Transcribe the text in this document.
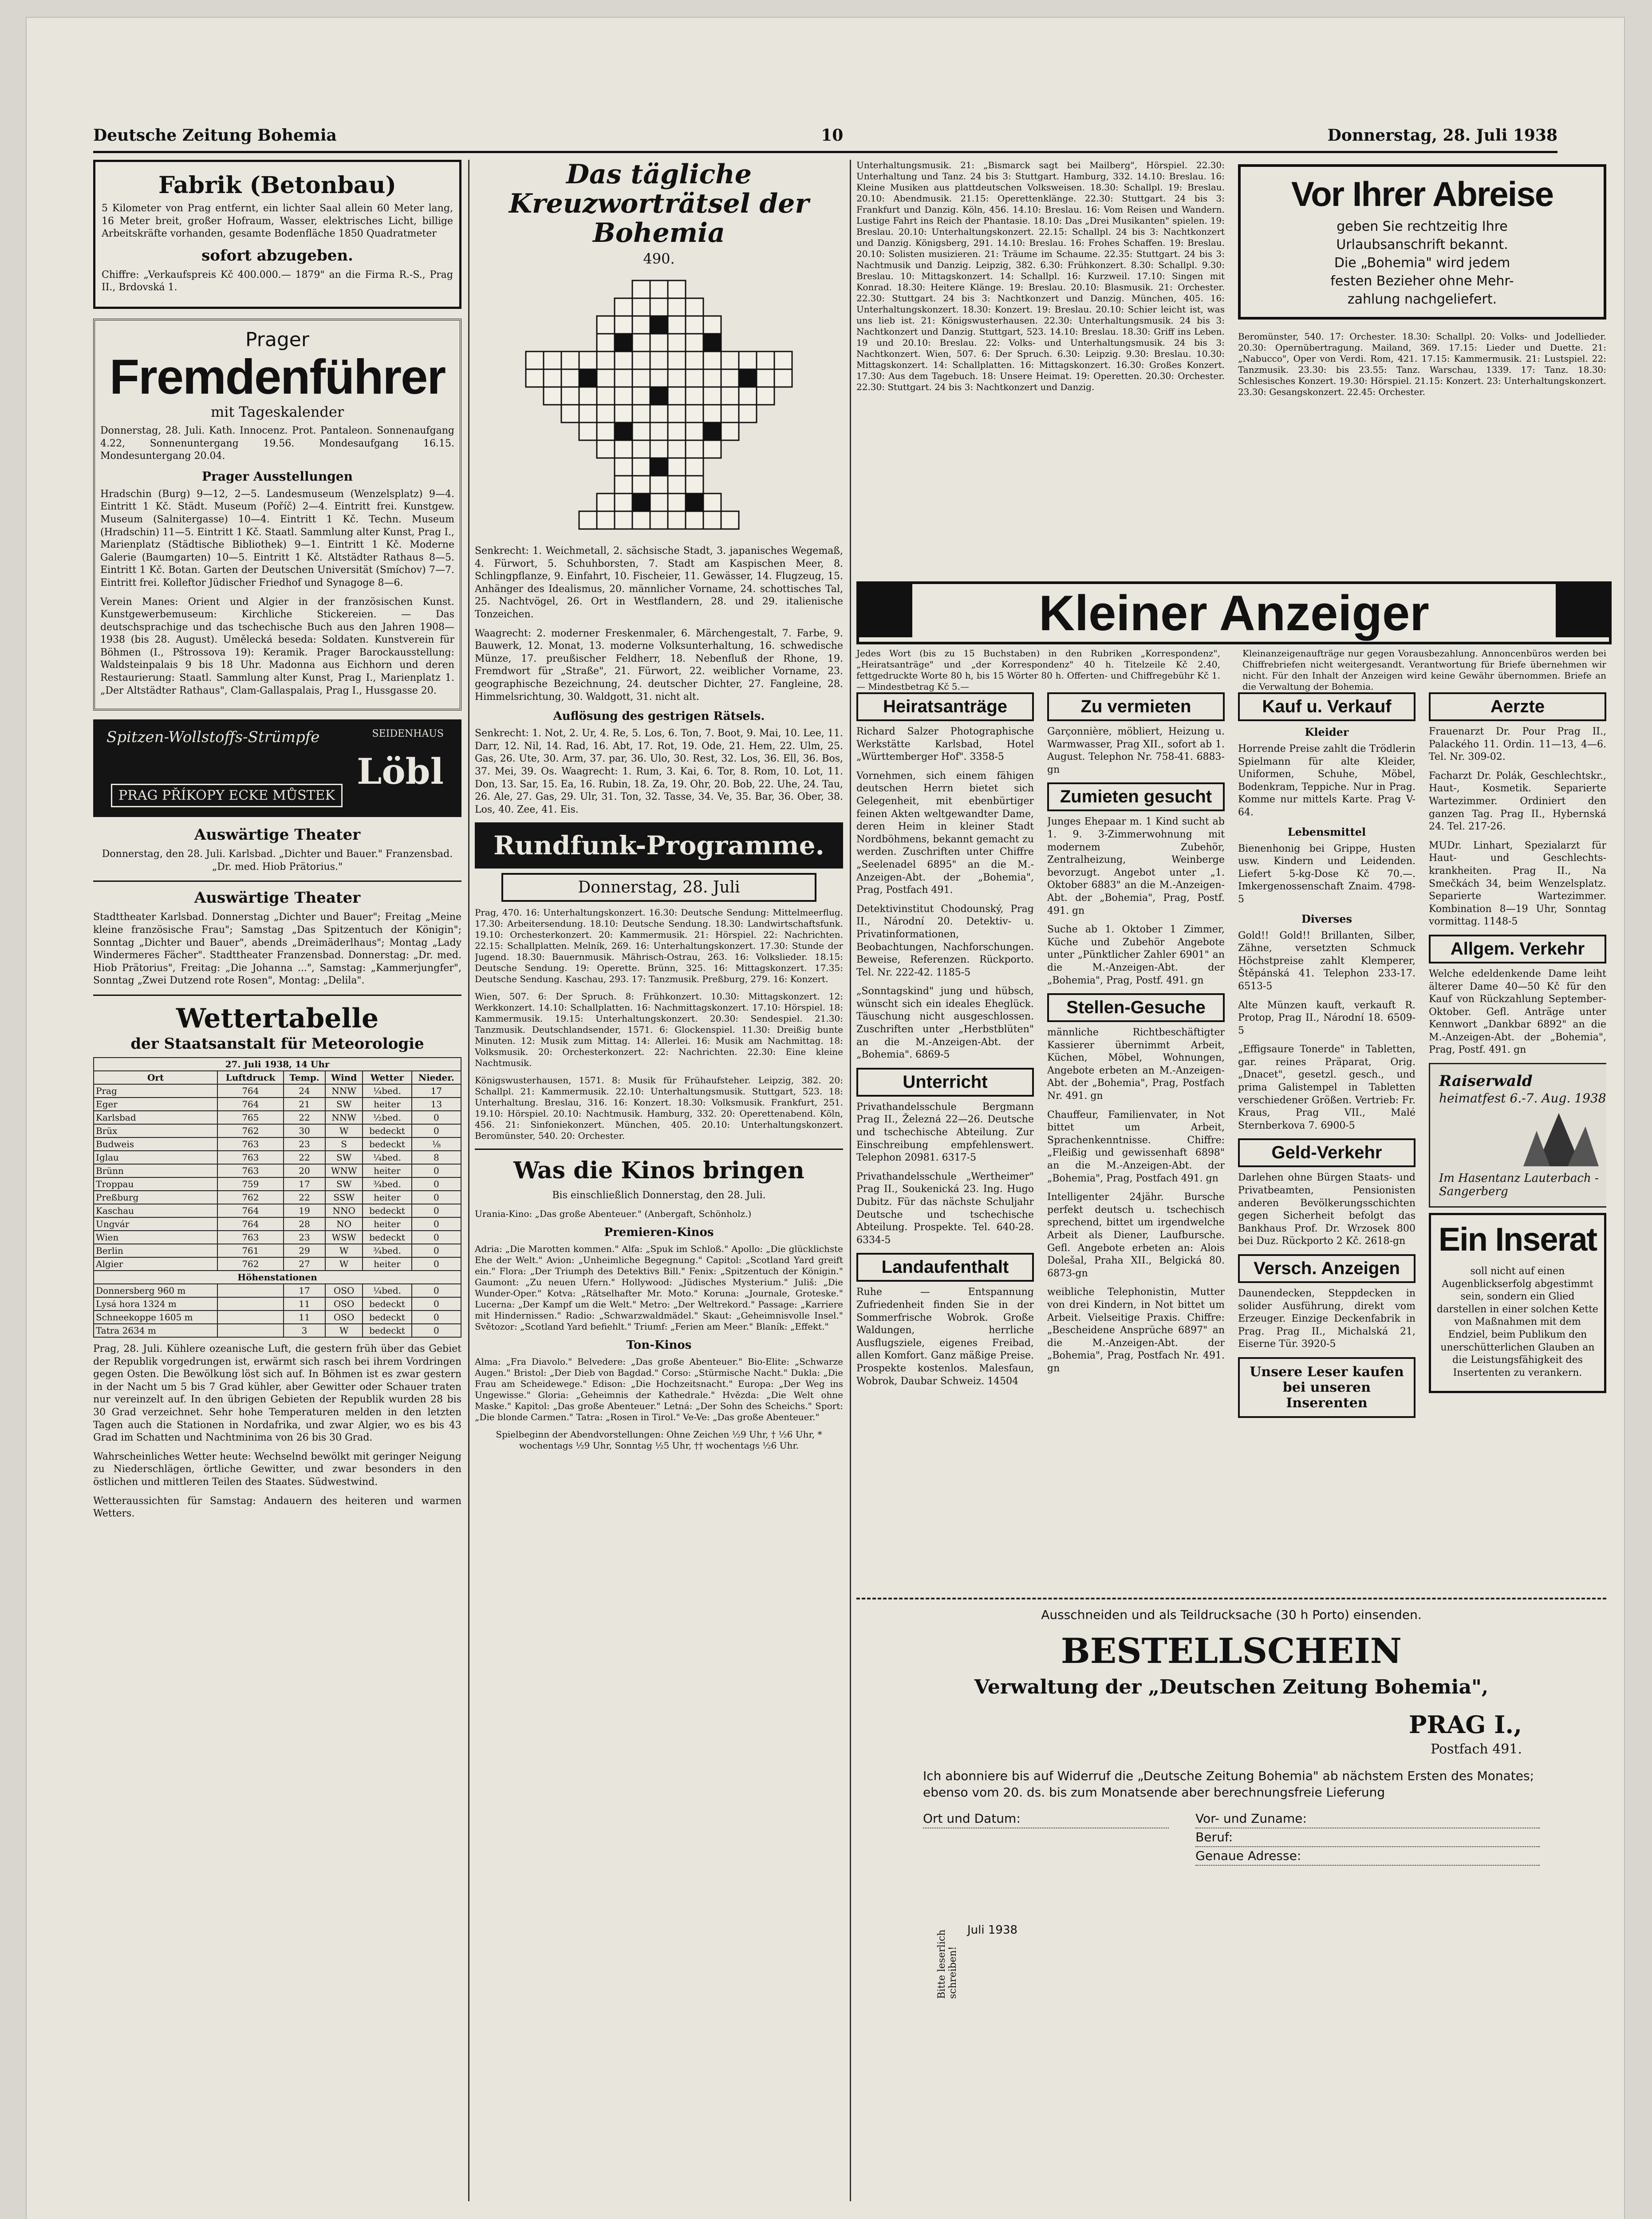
Deutsche Zeitung Bohemia	10	Donnerstag, 28. Juli 1938
Fabrik (Betonbau)

5 Kilometer von Prag entfernt, ein lichter Saal allein 60 Meter lang, 16 Meter breit, großer Hofraum, Wasser, elektrisches Licht, billige Arbeitskräfte vorhanden, gesamte Bodenfläche 1850 Quadratmeter

sofort abzugeben.

Chiffre: „Verkaufspreis Kč 400.000.— 1879" an die Firma R.-S., Prag II., Brdovská 1.

Prager
Fremdenführer
mit Tageskalender

Donnerstag, 28. Juli. Kath. Innocenz. Prot. Pantaleon. Sonnenaufgang 4.22, Sonnenuntergang 19.56. Mondesaufgang 16.15. Mondesuntergang 20.04.

Prager Ausstellungen

Hradschin (Burg) 9—12, 2—5. Landesmuseum (Wenzelsplatz) 9—4. Eintritt 1 Kč. Städt. Museum (Poříč) 2—4. Eintritt frei. Kunstgew. Museum (Salnitergasse) 10—4. Eintritt 1 Kč. Techn. Museum (Hradschin) 11—5. Eintritt 1 Kč. Staatl. Sammlung alter Kunst, Prag I., Marienplatz (Städtische Bibliothek) 9—1. Eintritt 1 Kč. Moderne Galerie (Baumgarten) 10—5. Eintritt 1 Kč. Altstädter Rathaus 8—5. Eintritt 1 Kč. Botan. Garten der Deutschen Universität (Smíchov) 7—7. Eintritt frei. Kolleftor Jüdischer Friedhof und Synagoge 8—6.

Verein Manes: Orient und Algier in der französischen Kunst. Kunstgewerbemuseum: Kirchliche Stickereien. — Das deutschsprachige und das tschechische Buch aus den Jahren 1908—1938 (bis 28. August). Umělecká beseda: Soldaten. Kunstverein für Böhmen (I., Pštrossova 19): Keramik. Prager Barockausstellung: Waldsteinpalais 9 bis 18 Uhr. Madonna aus Eichhorn und deren Restaurierung: Staatl. Sammlung alter Kunst, Prag I., Marienplatz 1. „Der Altstädter Rathaus", Clam-Gallaspalais, Prag I., Hussgasse 20.

Spitzen-Wollstoffs-Strümpfe	SEIDENHAUS
Löbl
PRAG PŘÍKOPY ECKE MŮSTEK
Auswärtige Theater

Donnerstag, den 28. Juli. Karlsbad. „Dichter und Bauer." Franzensbad. „Dr. med. Hiob Prätorius."

Auswärtige Theater

Stadttheater Karlsbad. Donnerstag „Dichter und Bauer"; Freitag „Meine kleine französische Frau"; Samstag „Das Spitzentuch der Königin"; Sonntag „Dichter und Bauer", abends „Dreimäderlhaus"; Montag „Lady Windermeres Fächer". Stadttheater Franzensbad. Donnerstag: „Dr. med. Hiob Prätorius", Freitag: „Die Johanna ...", Samstag: „Kammerjungfer", Sonntag „Zwei Dutzend rote Rosen", Montag: „Delila".

Wettertabelle
der Staatsanstalt für Meteorologie
27. Juli 1938, 14 Uhr					
Ort	Luftdruck	Temp.	Wind	Wetter	Nieder.
Prag	764	24	NNW	¼bed.	17
Eger	764	21	SW	heiter	13
Karlsbad	765	22	NNW	½bed.	0
Brüx	762	30	W	bedeckt	0
Budweis	763	23	S	bedeckt	⅛
Iglau	763	22	SW	¼bed.	8
Brünn	763	20	WNW	heiter	0
Troppau	759	17	SW	¾bed.	0
Preßburg	762	22	SSW	heiter	0
Kaschau	764	19	NNO	bedeckt	0
Ungvár	764	28	NO	heiter	0
Wien	763	23	WSW	bedeckt	0
Berlin	761	29	W	¾bed.	0
Algier	762	27	W	heiter	0
Höhenstationen					
Donnersberg 960 m		17	OSO	¼bed.	0
Lysá hora 1324 m		11	OSO	bedeckt	0
Schneekoppe 1605 m		11	OSO	bedeckt	0
Tatra 2634 m		3	W	bedeckt	0

Prag, 28. Juli. Kühlere ozeanische Luft, die gestern früh über das Gebiet der Republik vorgedrungen ist, erwärmt sich rasch bei ihrem Vordringen gegen Osten. Die Bewölkung löst sich auf. In Böhmen ist es zwar gestern in der Nacht um 5 bis 7 Grad kühler, aber Gewitter oder Schauer traten nur vereinzelt auf. In den übrigen Gebieten der Republik wurden 28 bis 30 Grad verzeichnet. Sehr hohe Temperaturen melden in den letzten Tagen auch die Stationen in Nordafrika, und zwar Algier, wo es bis 43 Grad im Schatten und Nachtminima von 26 bis 30 Grad.

Wahrscheinliches Wetter heute: Wechselnd bewölkt mit geringer Neigung zu Niederschlägen, örtliche Gewitter, und zwar besonders in den östlichen und mittleren Teilen des Staates. Südwestwind.

Wetteraussichten für Samstag: Andauern des heiteren und warmen Wetters.

Das tägliche Kreuzworträtsel der Bohemia
490.

Senkrecht: 1. Weichmetall, 2. sächsische Stadt, 3. japanisches Wegemaß, 4. Fürwort, 5. Schuhborsten, 7. Stadt am Kaspischen Meer, 8. Schlingpflanze, 9. Einfahrt, 10. Fischeier, 11. Gewässer, 14. Flugzeug, 15. Anhänger des Idealismus, 20. männlicher Vorname, 24. schottisches Tal, 25. Nachtvögel, 26. Ort in Westflandern, 28. und 29. italienische Tonzeichen.

Waagrecht: 2. moderner Freskenmaler, 6. Märchengestalt, 7. Farbe, 9. Bauwerk, 12. Monat, 13. moderne Volksunterhaltung, 16. schwedische Münze, 17. preußischer Feldherr, 18. Nebenfluß der Rhone, 19. Fremdwort für „Straße", 21. Fürwort, 22. weiblicher Vorname, 23. geographische Bezeichnung, 24. deutscher Dichter, 27. Fangleine, 28. Himmelsrichtung, 30. Waldgott, 31. nicht alt.

Auflösung des gestrigen Rätsels.

Senkrecht: 1. Not, 2. Ur, 4. Re, 5. Los, 6. Ton, 7. Boot, 9. Mai, 10. Lee, 11. Darr, 12. Nil, 14. Rad, 16. Abt, 17. Rot, 19. Ode, 21. Hem, 22. Ulm, 25. Gas, 26. Ute, 30. Arm, 37. par, 36. Ulo, 30. Rest, 32. Los, 36. Ell, 36. Bos, 37. Mei, 39. Os. Waagrecht: 1. Rum, 3. Kai, 6. Tor, 8. Rom, 10. Lot, 11. Don, 13. Sar, 15. Ea, 16. Rubin, 18. Za, 19. Ohr, 20. Bob, 22. Uhe, 24. Tau, 26. Ale, 27. Gas, 29. Ulr, 31. Ton, 32. Tasse, 34. Ve, 35. Bar, 36. Ober, 38. Los, 40. Zee, 41. Eis.

Rundfunk-Programme.
Donnerstag, 28. Juli

Prag, 470. 16: Unterhaltungskonzert. 16.30: Deutsche Sendung: Mittelmeerflug. 17.30: Arbeitersendung. 18.10: Deutsche Sendung. 18.30: Landwirtschaftsfunk. 19.10: Orchesterkonzert. 20: Kammermusik. 21: Hörspiel. 22: Nachrichten. 22.15: Schallplatten. Melník, 269. 16: Unterhaltungskonzert. 17.30: Stunde der Jugend. 18.30: Bauernmusik. Mährisch-Ostrau, 263. 16: Volkslieder. 18.15: Deutsche Sendung. 19: Operette. Brünn, 325. 16: Mittagskonzert. 17.35: Deutsche Sendung. Kaschau, 293. 17: Tanzmusik. Preßburg, 279. 16: Konzert.

Wien, 507. 6: Der Spruch. 8: Frühkonzert. 10.30: Mittagskonzert. 12: Werkkonzert. 14.10: Schallplatten. 16: Nachmittagskonzert. 17.10: Hörspiel. 18: Kammermusik. 19.15: Unterhaltungskonzert. 20.30: Sendespiel. 21.30: Tanzmusik. Deutschlandsender, 1571. 6: Glockenspiel. 11.30: Dreißig bunte Minuten. 12: Musik zum Mittag. 14: Allerlei. 16: Musik am Nachmittag. 18: Volksmusik. 20: Orchesterkonzert. 22: Nachrichten. 22.30: Eine kleine Nachtmusik.

Königswusterhausen, 1571. 8: Musik für Frühaufsteher. Leipzig, 382. 20: Schallpl. 21: Kammermusik. 22.10: Unterhaltungsmusik. Stuttgart, 523. 18: Unterhaltung. Breslau, 316. 16: Konzert. 18.30: Volksmusik. Frankfurt, 251. 19.10: Hörspiel. 20.10: Nachtmusik. Hamburg, 332. 20: Operettenabend. Köln, 456. 21: Sinfoniekonzert. München, 405. 20.10: Unterhaltungskonzert. Beromünster, 540. 20: Orchester.

Was die Kinos bringen

Bis einschließlich Donnerstag, den 28. Juli.

Urania-Kino: „Das große Abenteuer." (Anbergaft, Schönholz.)

Premieren-Kinos

Adria: „Die Marotten kommen." Alfa: „Spuk im Schloß." Apollo: „Die glücklichste Ehe der Welt." Avion: „Unheimliche Begegnung." Capitol: „Scotland Yard greift ein." Flora: „Der Triumph des Detektivs Bill." Fenix: „Spitzentuch der Königin." Gaumont: „Zu neuen Ufern." Hollywood: „Jüdisches Mysterium." Juliš: „Die Wunder-Oper." Kotva: „Rätselhafter Mr. Moto." Koruna: „Journale, Groteske." Lucerna: „Der Kampf um die Welt." Metro: „Der Weltrekord." Passage: „Karriere mit Hindernissen." Radio: „Schwarzwaldmädel." Skaut: „Geheimnisvolle Insel." Světozor: „Scotland Yard befiehlt." Triumf: „Ferien am Meer." Blaník: „Effekt."

Ton-Kinos

Alma: „Fra Diavolo." Belvedere: „Das große Abenteuer." Bio-Elite: „Schwarze Augen." Bristol: „Der Dieb von Bagdad." Corso: „Stürmische Nacht." Dukla: „Die Frau am Scheidewege." Edison: „Die Hochzeitsnacht." Europa: „Der Weg ins Ungewisse." Gloria: „Geheimnis der Kathedrale." Hvězda: „Die Welt ohne Maske." Kapitol: „Das große Abenteuer." Letná: „Der Sohn des Scheichs." Sport: „Die blonde Carmen." Tatra: „Rosen in Tirol." Ve-Ve: „Das große Abenteuer."

Spielbeginn der Abendvorstellungen: Ohne Zeichen ½9 Uhr, † ½6 Uhr, * wochentags ½9 Uhr, Sonntag ½5 Uhr, †† wochentags ½6 Uhr.

Unterhaltungsmusik. 21: „Bismarck sagt bei Mailberg", Hörspiel. 22.30: Unterhaltung und Tanz. 24 bis 3: Stuttgart. Hamburg, 332. 14.10: Breslau. 16: Kleine Musiken aus plattdeutschen Volksweisen. 18.30: Schallpl. 19: Breslau. 20.10: Abendmusik. 21.15: Operettenklänge. 22.30: Stuttgart. 24 bis 3: Frankfurt und Danzig. Köln, 456. 14.10: Breslau. 16: Vom Reisen und Wandern. Lustige Fahrt ins Reich der Phantasie. 18.10: Das „Drei Musikanten" spielen. 19: Breslau. 20.10: Unterhaltungskonzert. 22.15: Schallpl. 24 bis 3: Nachtkonzert und Danzig. Königsberg, 291. 14.10: Breslau. 16: Frohes Schaffen. 19: Breslau. 20.10: Solisten musizieren. 21: Träume im Schaume. 22.35: Stuttgart. 24 bis 3: Nachtmusik und Danzig. Leipzig, 382. 6.30: Frühkonzert. 8.30: Schallpl. 9.30: Breslau. 10: Mittagskonzert. 14: Schallpl. 16: Kurzweil. 17.10: Singen mit Konrad. 18.30: Heitere Klänge. 19: Breslau. 20.10: Blasmusik. 21: Orchester. 22.30: Stuttgart. 24 bis 3: Nachtkonzert und Danzig. München, 405. 16: Unterhaltungskonzert. 18.30: Konzert. 19: Breslau. 20.10: Schier leicht ist, was uns lieb ist. 21: Königswusterhausen. 22.30: Unterhaltungsmusik. 24 bis 3: Nachtkonzert und Danzig. Stuttgart, 523. 14.10: Breslau. 18.30: Griff ins Leben. 19 und 20.10: Breslau. 22: Volks- und Unterhaltungsmusik. 24 bis 3: Nachtkonzert. Wien, 507. 6: Der Spruch. 6.30: Leipzig. 9.30: Breslau. 10.30: Mittagskonzert. 14: Schallplatten. 16: Mittagskonzert. 16.30: Großes Konzert. 17.30: Aus dem Tagebuch. 18: Unsere Heimat. 19: Operetten. 20.30: Orchester. 22.30: Stuttgart. 24 bis 3: Nachtkonzert und Danzig.

Vor Ihrer Abreise
geben Sie rechtzeitig Ihre
Urlaubsanschrift bekannt.
Die „Bohemia" wird jedem
festen Bezieher ohne Mehr-
zahlung nachgeliefert.

Beromünster, 540. 17: Orchester. 18.30: Schallpl. 20: Volks- und Jodellieder. 20.30: Opernübertragung. Mailand, 369. 17.15: Lieder und Duette. 21: „Nabucco", Oper von Verdi. Rom, 421. 17.15: Kammermusik. 21: Lustspiel. 22: Tanzmusik. 23.30: bis 23.55: Tanz. Warschau, 1339. 17: Tanz. 18.30: Schlesisches Konzert. 19.30: Hörspiel. 21.15: Konzert. 23: Unterhaltungskonzert. 23.30: Gesangskonzert. 22.45: Orchester.

Kleiner Anzeiger

Jedes Wort (bis zu 15 Buchstaben) in den Rubriken „Korrespondenz", „Heiratsanträge" und „der Korrespondenz" 40 h. Titelzeile Kč 2.40, fettgedruckte Worte 80 h, bis 15 Wörter 80 h. Offerten- und Chiffregebühr Kč 1.— Mindestbetrag Kč 5.—

Kleinanzeigenaufträge nur gegen Vorausbezahlung. Annoncenbüros werden bei Chiffrebriefen nicht weitergesandt. Verantwortung für Briefe übernehmen wir nicht. Für den Inhalt der Anzeigen wird keine Gewähr übernommen. Briefe an die Verwaltung der Bohemia.

Heiratsanträge

Richard Salzer Photographische Werkstätte Karlsbad, Hotel „Württemberger Hof". 3358-5

Vornehmen, sich einem fähigen deutschen Herrn bietet sich Gelegenheit, mit ebenbürtiger feinen Akten weltgewandter Dame, deren Heim in kleiner Stadt Nordböhmens, bekannt gemacht zu werden. Zuschriften unter Chiffre „Seelenadel 6895" an die M.-Anzeigen-Abt. der „Bohemia", Prag, Postfach 491.

Detektivinstitut Chodounský, Prag II., Národní 20. Detektiv- u. Privatinformationen, Beobachtungen, Nachforschungen. Beweise, Referenzen. Rückporto. Tel. Nr. 222-42. 1185-5

„Sonntagskind" jung und hübsch, wünscht sich ein ideales Eheglück. Täuschung nicht ausgeschlossen. Zuschriften unter „Herbstblüten" an die M.-Anzeigen-Abt. der „Bohemia". 6869-5

Unterricht

Privathandelsschule Bergmann Prag II., Železná 22—26. Deutsche und tschechische Abteilung. Zur Einschreibung empfehlenswert. Telephon 20981. 6317-5

Privathandelsschule „Wertheimer" Prag II., Soukenická 23. Ing. Hugo Dubitz. Für das nächste Schuljahr Deutsche und tschechische Abteilung. Prospekte. Tel. 640-28. 6334-5

Landaufenthalt

Ruhe — Entspannung Zufriedenheit finden Sie in der Sommerfrische Wobrok. Große Waldungen, herrliche Ausflugsziele, eigenes Freibad, allen Komfort. Ganz mäßige Preise. Prospekte kostenlos. Malesfaun, Wobrok, Daubar Schweiz. 14504

Zu vermieten

Garçonnière, möbliert, Heizung u. Warmwasser, Prag XII., sofort ab 1. August. Telephon Nr. 758-41. 6883-gn

Zumieten gesucht

Junges Ehepaar m. 1 Kind sucht ab 1. 9. 3-Zimmerwohnung mit modernem Zubehör, Zentralheizung, Weinberge bevorzugt. Angebot unter „1. Oktober 6883" an die M.-Anzeigen-Abt. der „Bohemia", Prag, Postf. 491. gn

Suche ab 1. Oktober 1 Zimmer, Küche und Zubehör Angebote unter „Pünktlicher Zahler 6901" an die M.-Anzeigen-Abt. der „Bohemia", Prag, Postf. 491. gn

Stellen-Gesuche

männliche Richtbeschäftigter Kassierer übernimmt Arbeit, Küchen, Möbel, Wohnungen, Angebote erbeten an M.-Anzeigen-Abt. der „Bohemia", Prag, Postfach Nr. 491. gn

Chauffeur, Familienvater, in Not bittet um Arbeit, Sprachenkenntnisse. Chiffre: „Fleißig und gewissenhaft 6898" an die M.-Anzeigen-Abt. der „Bohemia", Prag, Postfach 491. gn

Intelligenter 24jähr. Bursche perfekt deutsch u. tschechisch sprechend, bittet um irgendwelche Arbeit als Diener, Laufbursche. Gefl. Angebote erbeten an: Alois Dolešal, Praha XII., Belgická 80. 6873-gn

weibliche Telephonistin, Mutter von drei Kindern, in Not bittet um Arbeit. Vielseitige Praxis. Chiffre: „Bescheidene Ansprüche 6897" an die M.-Anzeigen-Abt. der „Bohemia", Prag, Postfach Nr. 491. gn

Kauf u. Verkauf
Kleider

Horrende Preise zahlt die Trödlerin Spielmann für alte Kleider, Uniformen, Schuhe, Möbel, Bodenkram, Teppiche. Nur in Prag. Komme nur mittels Karte. Prag V-64.

Lebensmittel

Bienenhonig bei Grippe, Husten usw. Kindern und Leidenden. Liefert 5-kg-Dose Kč 70.—. Imkergenossenschaft Znaim. 4798-5

Diverses

Gold!! Gold!! Brillanten, Silber, Zähne, versetzten Schmuck Höchstpreise zahlt Klemperer, Štěpánská 41. Telephon 233-17. 6513-5

Alte Münzen kauft, verkauft R. Protop, Prag II., Národní 18. 6509-5

„Effigsaure Tonerde" in Tabletten, gar. reines Präparat, Orig. „Dnacet", gesetzl. gesch., und prima Galistempel in Tabletten verschiedener Größen. Vertrieb: Fr. Kraus, Prag VII., Malé Sternberkova 7. 6900-5

Geld-Verkehr

Darlehen ohne Bürgen Staats- und Privatbeamten, Pensionisten anderen Bevölkerungsschichten gegen Sicherheit befolgt das Bankhaus Prof. Dr. Wrzosek 800 bei Duz. Rückporto 2 Kč. 2618-gn

Versch. Anzeigen

Daunendecken, Steppdecken in solider Ausführung, direkt vom Erzeuger. Einzige Deckenfabrik in Prag. Prag II., Michalská 21, Eiserne Tür. 3920-5

Unsere Leser kaufen
bei unseren Inserenten
Aerzte

Frauenarzt Dr. Pour Prag II., Palackého 11. Ordin. 11—13, 4—6. Tel. Nr. 309-02.

Facharzt Dr. Polák, Geschlechtskr., Haut-, Kosmetik. Separierte Wartezimmer. Ordiniert den ganzen Tag. Prag II., Hybernská 24. Tel. 217-26.

MUDr. Linhart, Spezialarzt für Haut- und Geschlechts-krankheiten. Prag II., Na Smečkách 34, beim Wenzelsplatz. Separierte Wartezimmer. Kombination 8—19 Uhr, Sonntag vormittag. 1148-5

Allgem. Verkehr

Welche edeldenkende Dame leiht älterer Dame 40—50 Kč für den Kauf von Rückzahlung September-Oktober. Gefl. Anträge unter Kennwort „Dankbar 6892" an die M.-Anzeigen-Abt. der „Bohemia", Prag, Postf. 491. gn

Raiserwald
heimatfest 6.-7. Aug. 1938
Im Hasentanz Lauterbach - Sangerberg
Ein Inserat

soll nicht auf einen Augenblickserfolg abgestimmt sein, sondern ein Glied darstellen in einer solchen Kette von Maßnahmen mit dem Endziel, beim Publikum den unerschütterlichen Glauben an die Leistungsfähigkeit des Insertenten zu verankern.

Ausschneiden und als Teildrucksache (30 h Porto) einsenden.
BESTELLSCHEIN
Verwaltung der „Deutschen Zeitung Bohemia",
PRAG I.,
Postfach 491.

Ich abonniere bis auf Widerruf die „Deutsche Zeitung Bohemia" ab nächstem Ersten des Monates; ebenso vom 20. ds. bis zum Monatsende aber berechnungsfreie Lieferung

Ort und Datum:	Vor- und Zuname:
Beruf:
Genaue Adresse:
Bitte leserlich schreiben!
Juli 1938
